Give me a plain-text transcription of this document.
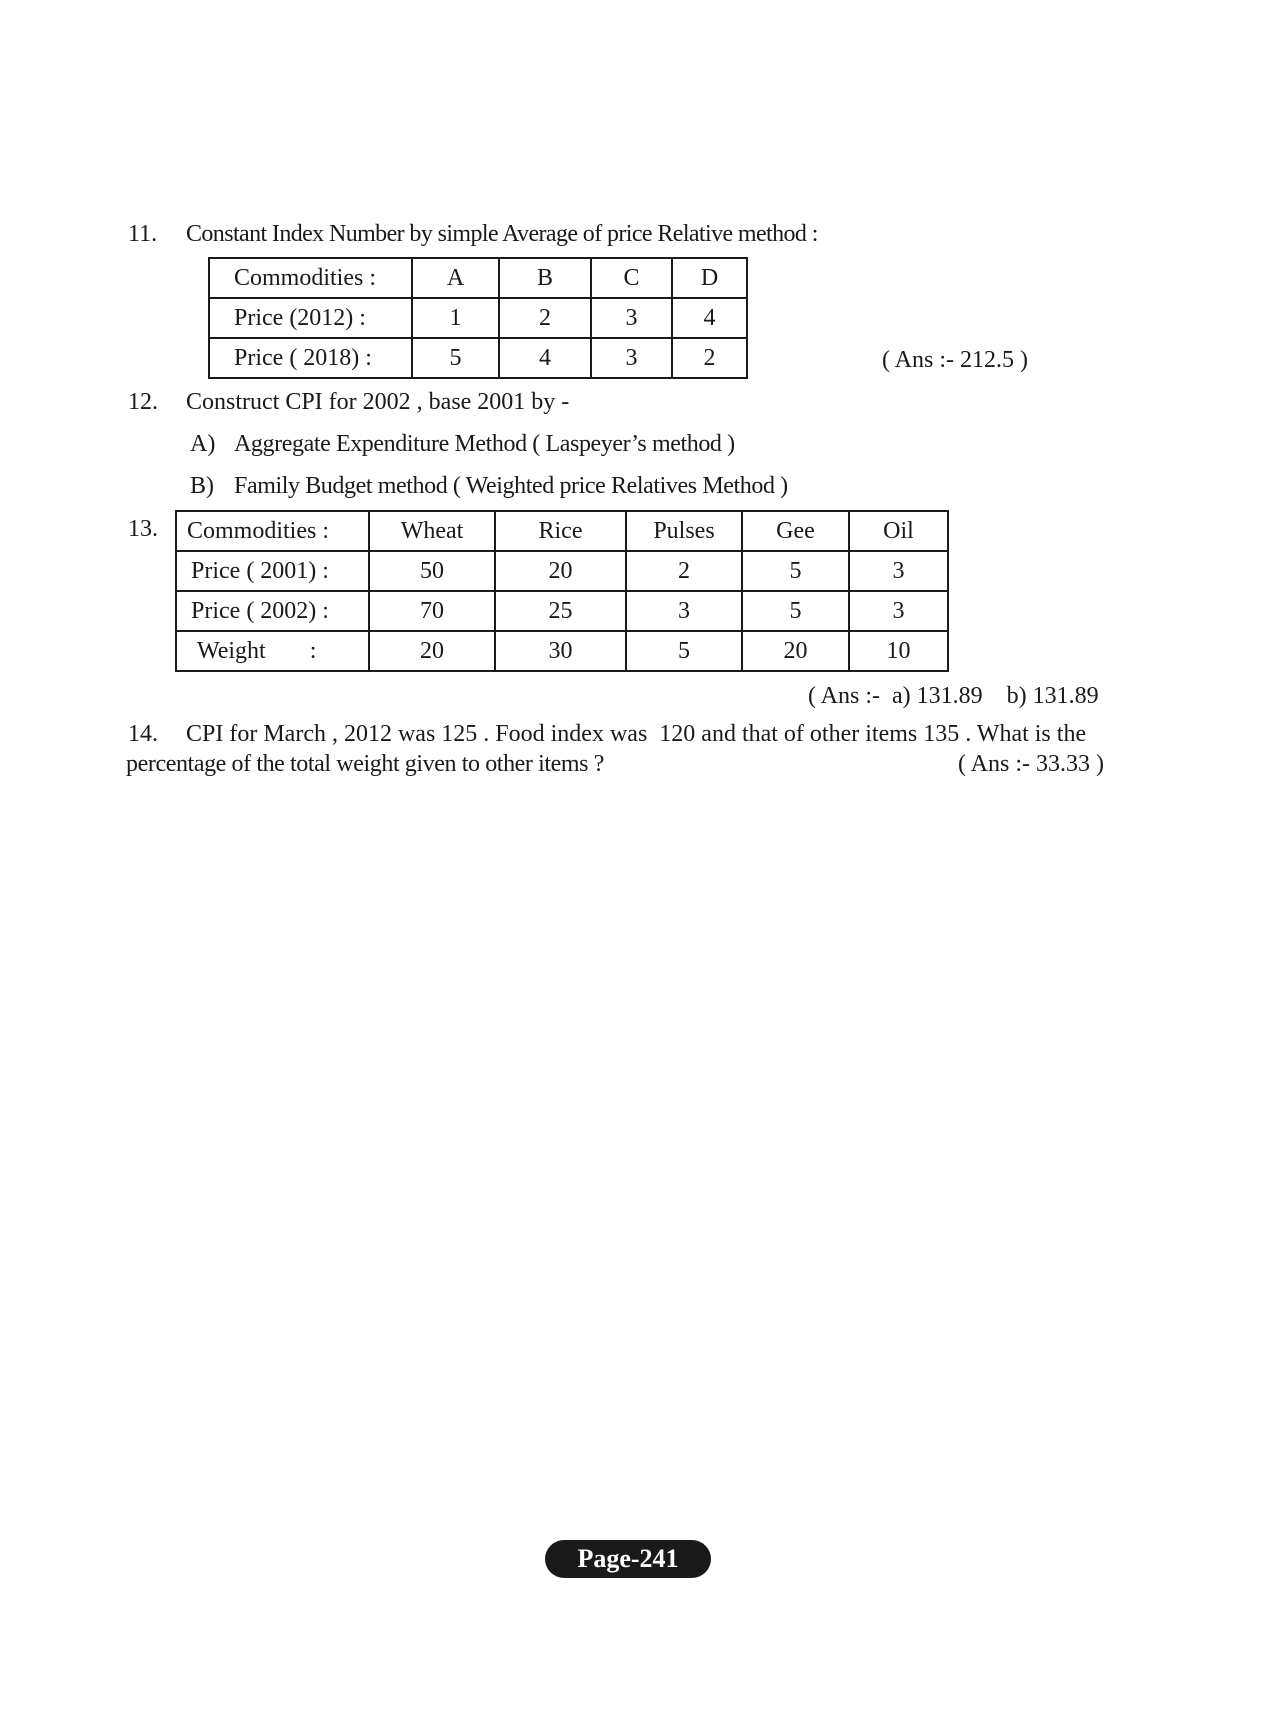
11. Constant Index Number by simple Average of price Relative method :
Commodities :	A	B	C	D
Price (2012) :	1	2	3	4
Price ( 2018) :	5	4	3	2	( Ans :- 212.5 )
12. Construct CPI for 2002 , base 2001 by -
A) Aggregate Expenditure Method ( Laspeyer’s method )
B) Family Budget method ( Weighted price Relatives Method )
13. Commodities :	Wheat	Rice	Pulses	Gee	Oil
Price ( 2001) :	50	20	2	5	3
Price ( 2002) :	70	25	3	5	3
Weight :	20	30	5	20	10
( Ans :-  a) 131.89    b) 131.89
14. CPI for March , 2012 was 125 . Food index was  120 and that of other items 135 . What is the
percentage of the total weight given to other items ?	( Ans :- 33.33 )
Page-241
